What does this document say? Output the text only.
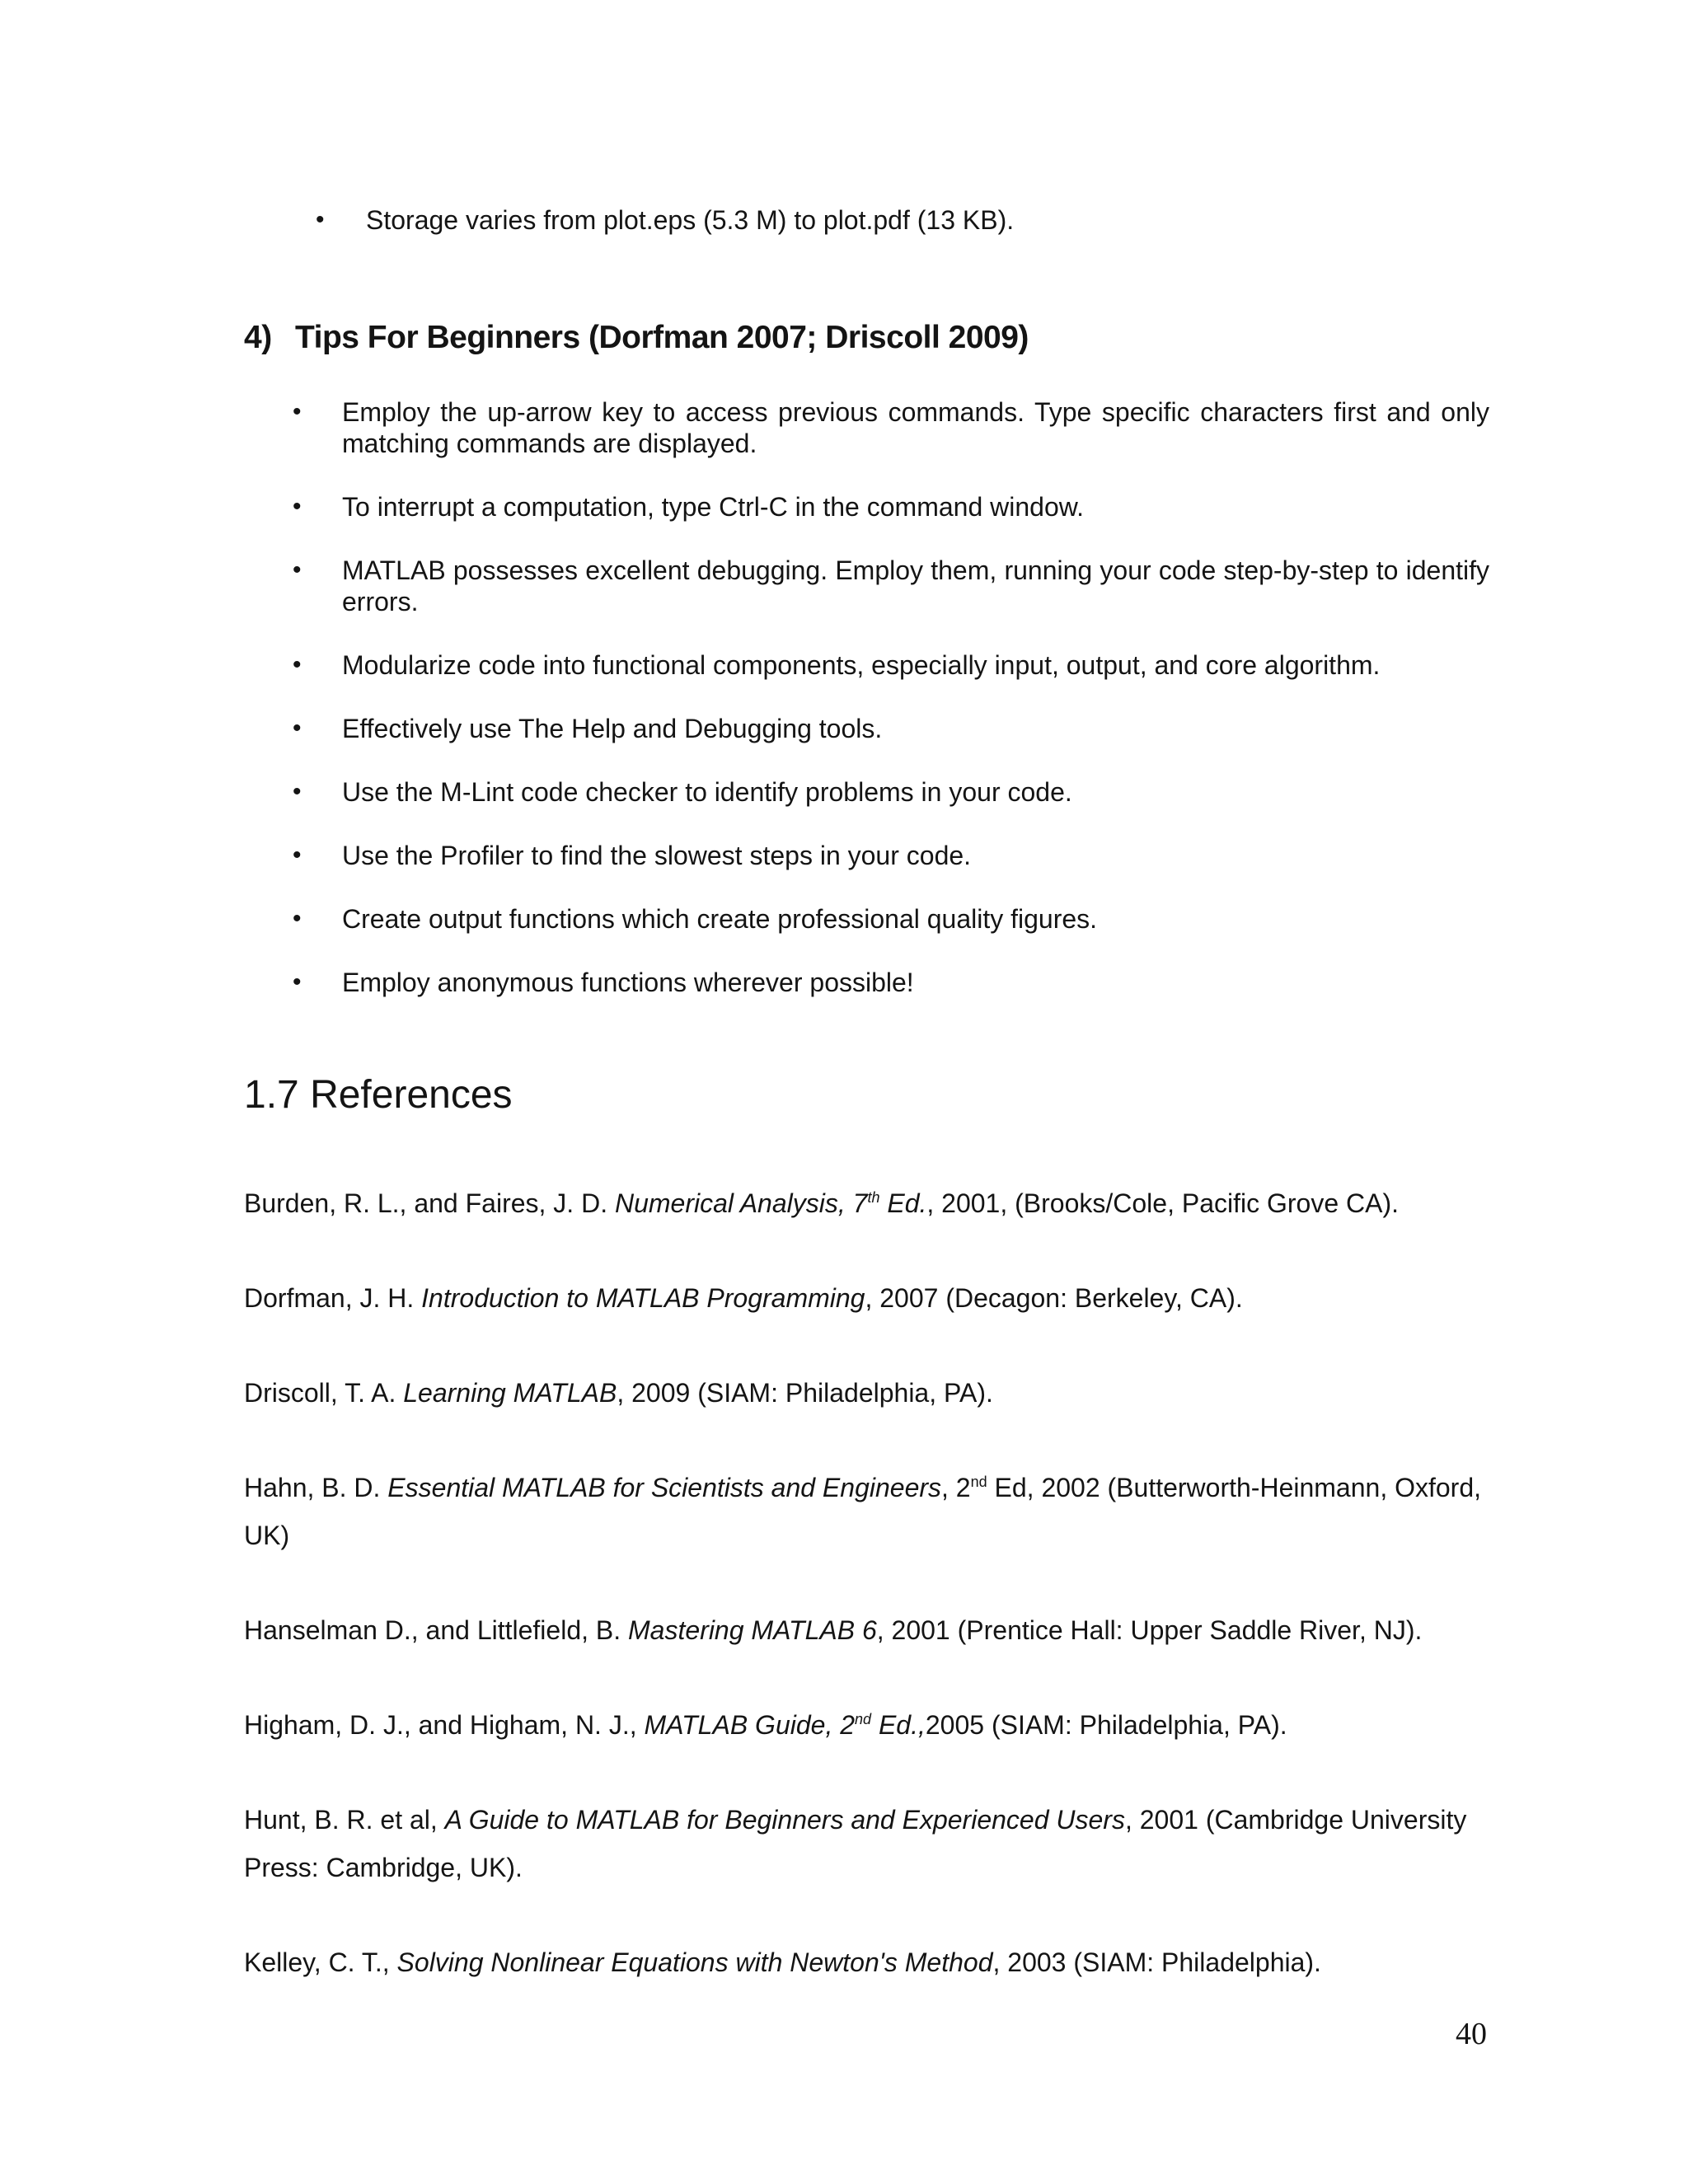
• Storage varies from plot.eps (5.3 M) to plot.pdf (13 KB).
4) Tips For Beginners (Dorfman 2007; Driscoll 2009)
• Employ the up-arrow key to access previous commands. Type specific characters first and only matching commands are displayed.
• To interrupt a computation, type Ctrl-C in the command window.
• MATLAB possesses excellent debugging. Employ them, running your code step-by-step to identify errors.
• Modularize code into functional components, especially input, output, and core algorithm.
• Effectively use The Help and Debugging tools.
• Use the M-Lint code checker to identify problems in your code.
• Use the Profiler to find the slowest steps in your code.
• Create output functions which create professional quality figures.
• Employ anonymous functions wherever possible!
1.7 References
Burden, R. L., and Faires, J. D. Numerical Analysis, 7th Ed., 2001, (Brooks/Cole, Pacific Grove CA).
Dorfman, J. H. Introduction to MATLAB Programming, 2007 (Decagon: Berkeley, CA).
Driscoll, T. A. Learning MATLAB, 2009 (SIAM: Philadelphia, PA).
Hahn, B. D. Essential MATLAB for Scientists and Engineers, 2nd Ed, 2002 (Butterworth-Heinmann, Oxford, UK)
Hanselman D., and Littlefield, B. Mastering MATLAB 6, 2001 (Prentice Hall: Upper Saddle River, NJ).
Higham, D. J., and Higham, N. J., MATLAB Guide, 2nd Ed.,2005 (SIAM: Philadelphia, PA).
Hunt, B. R. et al, A Guide to MATLAB for Beginners and Experienced Users, 2001 (Cambridge University Press: Cambridge, UK).
Kelley, C. T., Solving Nonlinear Equations with Newton's Method, 2003 (SIAM: Philadelphia).
40
